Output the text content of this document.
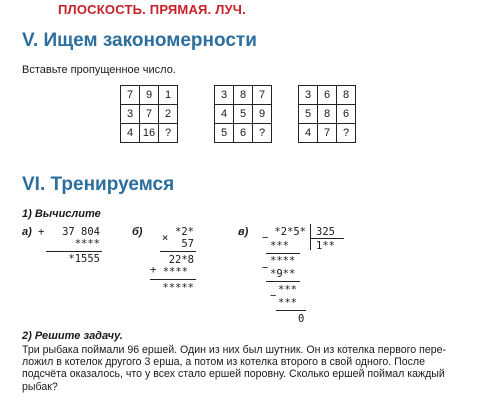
ПЛОСКОСТЬ. ПРЯМАЯ. ЛУЧ.
V. Ищем закономерности
Вставьте пропущенное число.
7	9	1
3	7	2
4	16	?
3	8	7
4	5	9
5	6	?
3	6	8
5	8	6
4	7	?
VI. Тренируемся
1) Вычислите
а) +	37 804
****
*1555
б) × *2*
57
22*8
+ ****
*****
в) − *2*5* 325
1**
***
****
− *9**
***
−
***
0
2) Решите задачу.
Три рыбака поймали 96 ершей. Один из них был шутник. Он из котелка первого пере-ложил в котелок другого 3 ерша, а потом из котелка второго в свой одного. После подсчёта оказалось, что у всех стало ершей поровну. Сколько ершей поймал каждый рыбак?
